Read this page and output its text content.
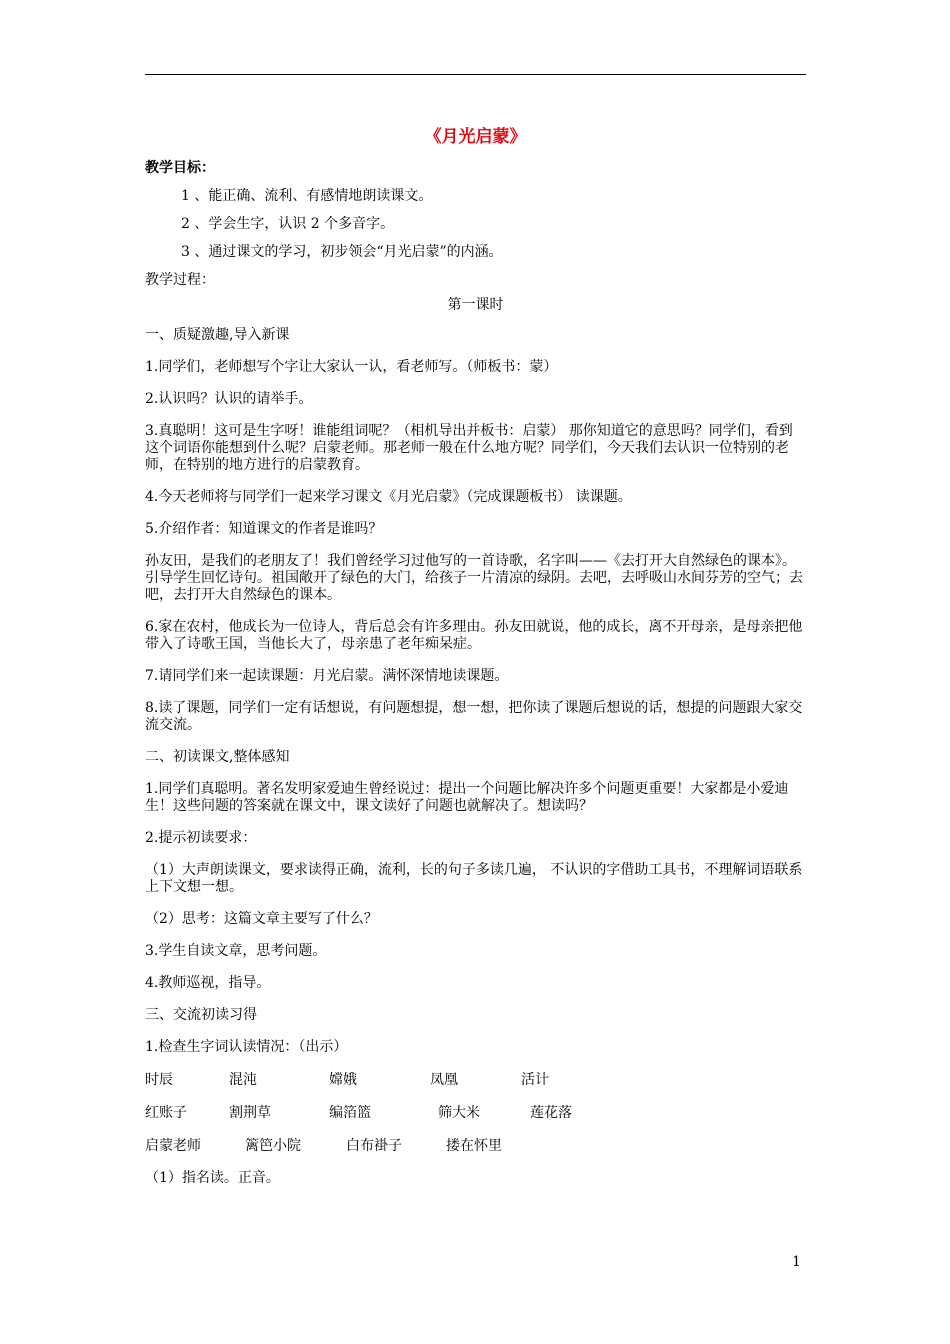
《月光启蒙》
教学目标：
1 、能正确、流利、有感情地朗读课文。
2 、学会生字，认识 2 个多音字。
3 、通过课文的学习，初步领会“月光启蒙”的内涵。
教学过程：
第一课时
一、质疑激趣,导入新课
1.同学们，老师想写个字让大家认一认，看老师写。（师板书：蒙）
2.认识吗？认识的请举手。
3.真聪明！这可是生字呀！谁能组词呢？（相机导出并板书：启蒙） 那你知道它的意思吗？同学们，看到这个词语你能想到什么呢？启蒙老师。那老师一般在什么地方呢？同学们，今天我们去认识一位特别的老师，在特别的地方进行的启蒙教育。
4.今天老师将与同学们一起来学习课文《月光启蒙》（完成课题板书） 读课题。
5.介绍作者：知道课文的作者是谁吗？
孙友田，是我们的老朋友了！我们曾经学习过他写的一首诗歌，名字叫——《去打开大自然绿色的课本》。引导学生回忆诗句。祖国敞开了绿色的大门，给孩子一片清凉的绿阴。去吧，去呼吸山水间芬芳的空气；去吧，去打开大自然绿色的课本。
6.家在农村，他成长为一位诗人，背后总会有许多理由。孙友田就说，他的成长，离不开母亲，是母亲把他带入了诗歌王国，当他长大了，母亲患了老年痴呆症。
7.请同学们来一起读课题：月光启蒙。满怀深情地读课题。
8.读了课题，同学们一定有话想说，有问题想提，想一想，把你读了课题后想说的话，想提的问题跟大家交流交流。
二、初读课文,整体感知
1.同学们真聪明。著名发明家爱迪生曾经说过：提出一个问题比解决许多个问题更重要！大家都是小爱迪生！这些问题的答案就在课文中，课文读好了问题也就解决了。想读吗？
2.提示初读要求：
（1）大声朗读课文，要求读得正确，流利，长的句子多读几遍， 不认识的字借助工具书，不理解词语联系上下文想一想。
（2）思考：这篇文章主要写了什么？
3.学生自读文章，思考问题。
4.教师巡视，指导。
三、交流初读习得
1.检查生字词认读情况：（出示）
时辰	混沌	嫦娥	凤凰	活计
红账子	割荆草	编箔篮	筛大米	莲花落
启蒙老师	篱笆小院	白布褂子	搂在怀里
（1）指名读。正音。
1
